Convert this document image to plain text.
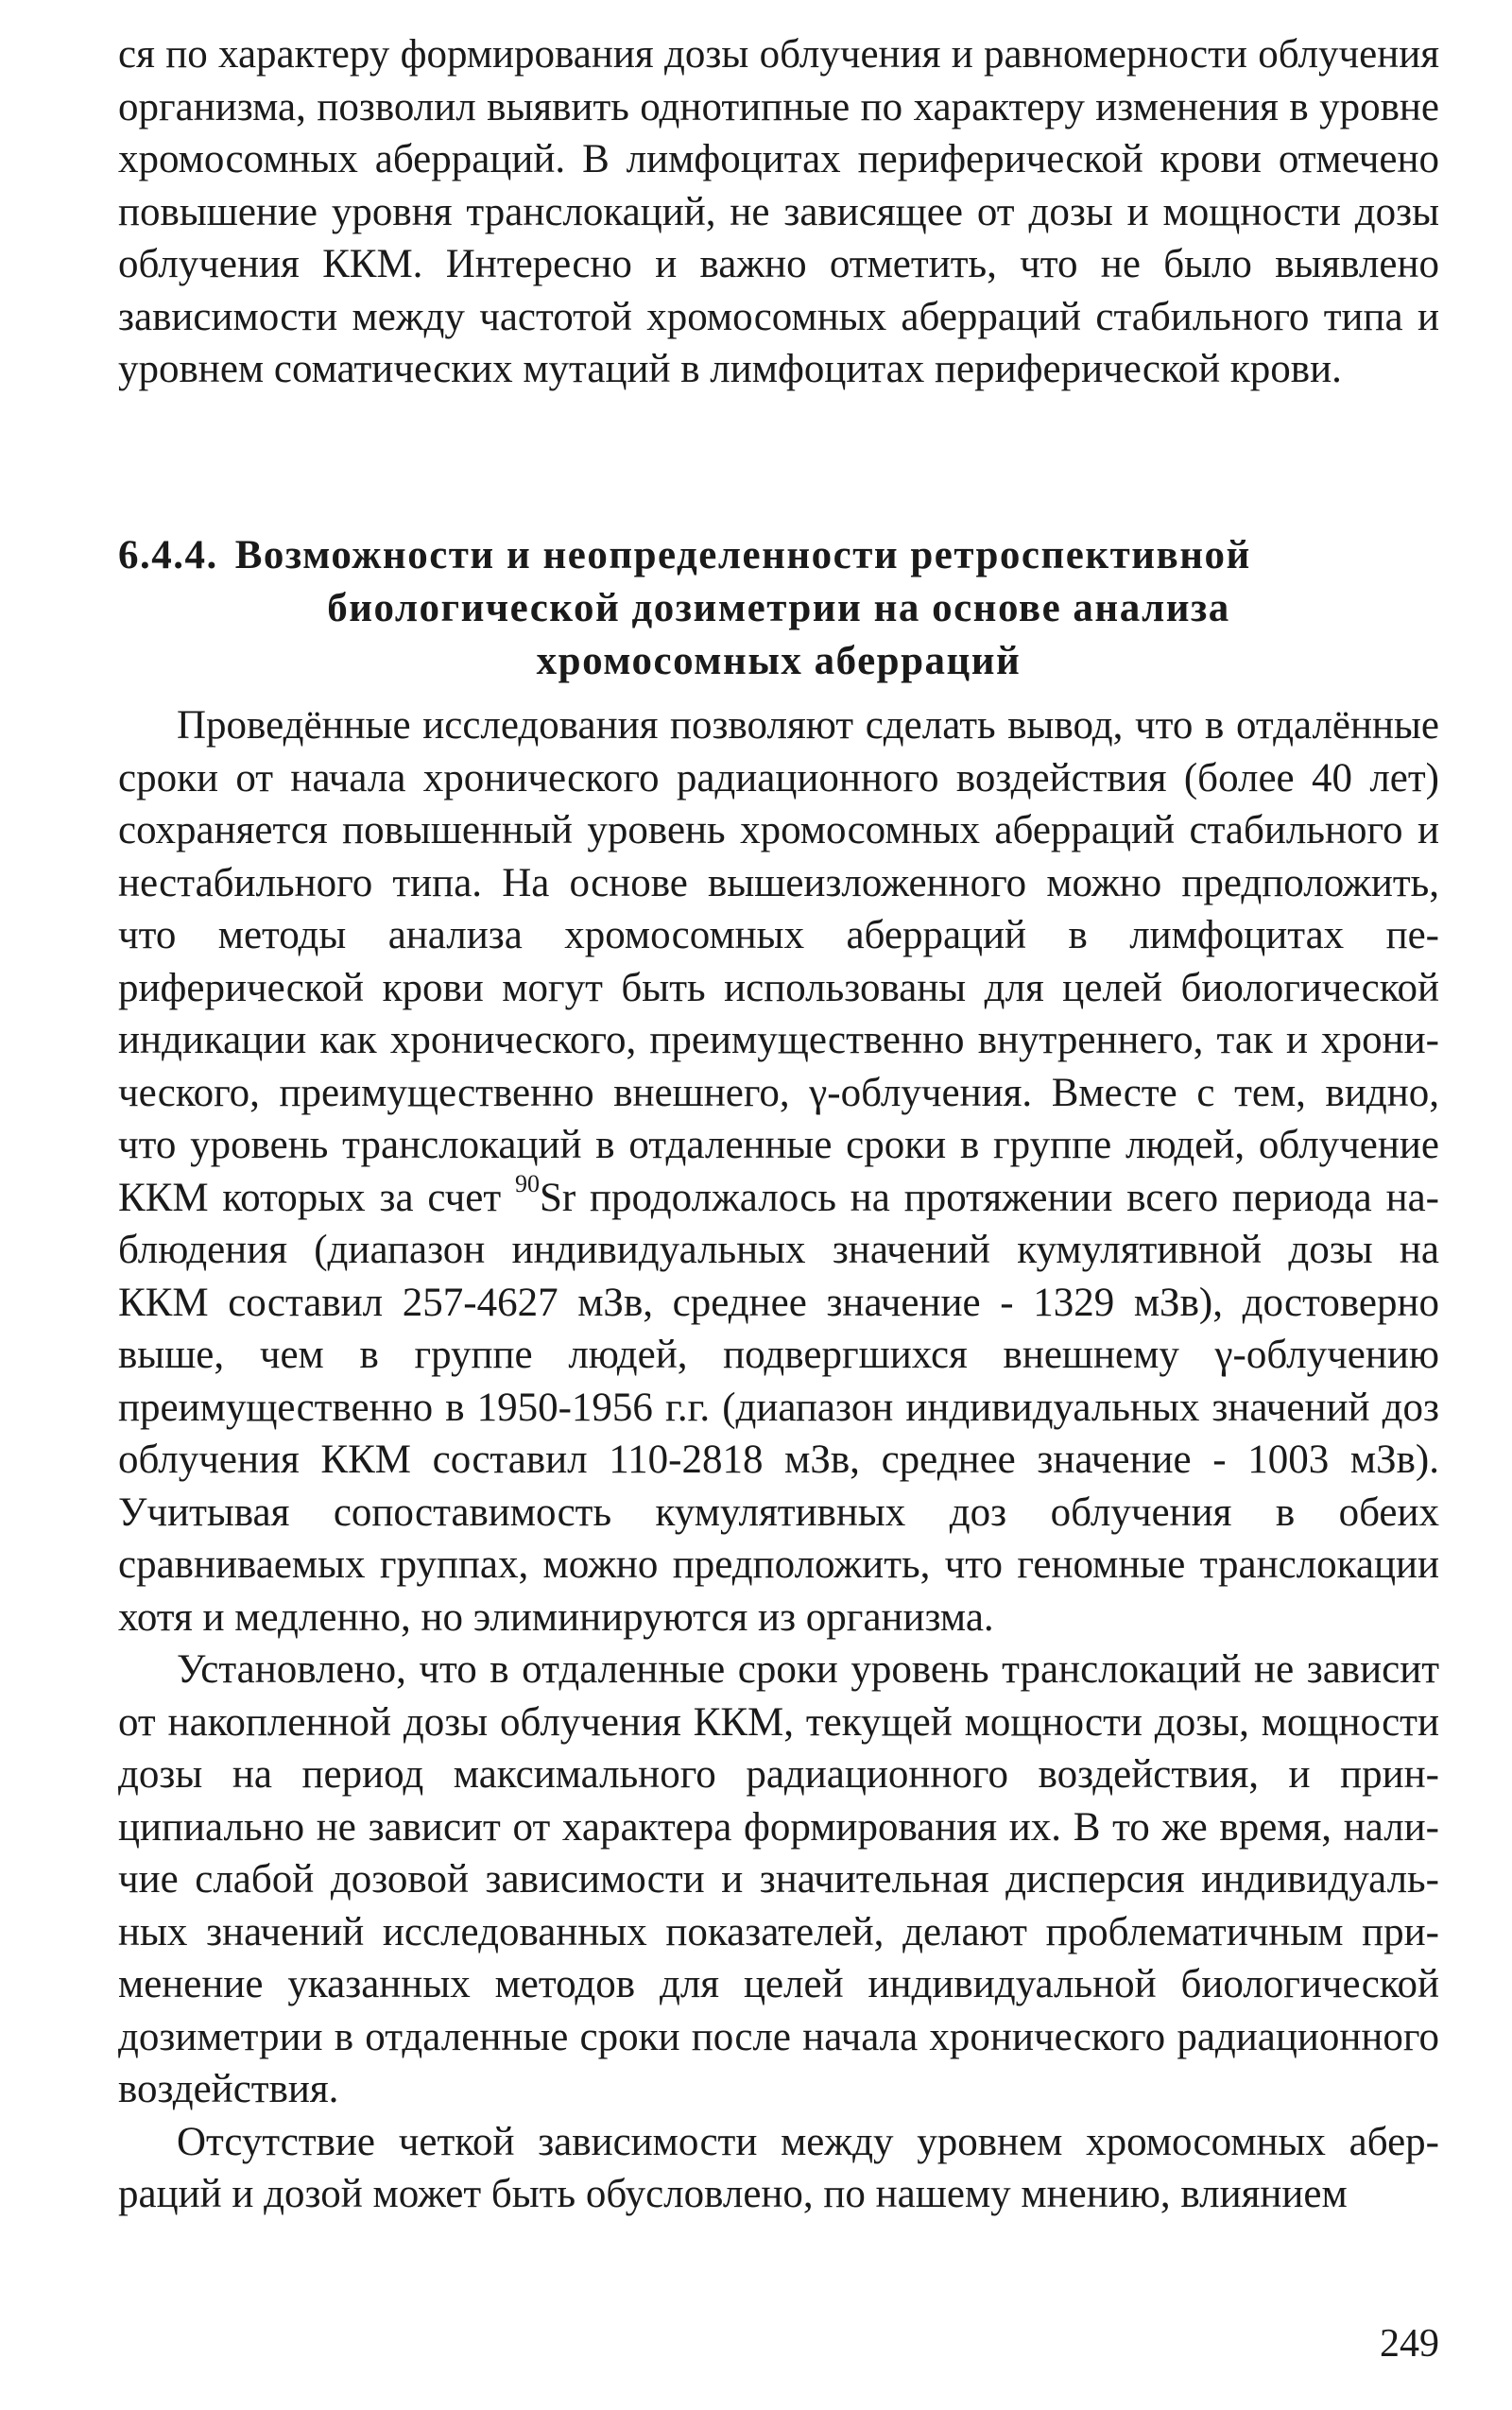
ся по характеру формирования дозы облучения и равномерности облучения организма, позволил выявить однотипные по характеру изменения в уровне хромосомных аберраций. В лимфоцитах периферической крови отмечено повышение уровня транслокаций, не зависящее от дозы и мощности дозы облучения ККМ. Интересно и важно отметить, что не было выявлено зависимости между частотой хромосомных аберраций стабильного типа и уровнем соматических мутаций в лимфоцитах периферической крови.

6.4.4. Возможности и неопределенности ретроспективной
биологической дозиметрии на основе анализа
хромосомных аберраций

Проведённые исследования позволяют сделать вывод, что в отдалённые сроки от начала хронического радиационного воздействия (более 40 лет) сохраняется повышенный уровень хромосомных аберраций стабильного и нестабильного типа. На основе вышеизложенного можно предположить, что методы анализа хромосомных аберраций в лимфоцитах периферической крови могут быть использованы для целей биологической индикации как хронического, преимущественно внутреннего, так и хронического, преимущественно внешнего, γ-облучения. Вместе с тем, видно, что уровень транслокаций в отдаленные сроки в группе людей, облучение ККМ которых за счет $^{90}$Sr продолжалось на протяжении всего периода наблюдения (диапазон индивидуальных значений кумулятивной дозы на ККМ составил 257-4627 мЗв, среднее значение - 1329 мЗв), достоверно выше, чем в группе людей, подвергшихся внешнему γ-облучению преимущественно в 1950-1956 г.г. (диапазон индивидуальных значений доз облучения ККМ составил 110-2818 мЗв, среднее значение - 1003 мЗв). Учитывая сопоставимость кумулятивных доз облучения в обеих сравниваемых группах, можно предположить, что геномные транслокации хотя и медленно, но элиминируются из организма.

Установлено, что в отдаленные сроки уровень транслокаций не зависит от накопленной дозы облучения ККМ, текущей мощности дозы, мощности дозы на период максимального радиационного воздействия, и принципиально не зависит от характера формирования их. В то же время, наличие слабой дозовой зависимости и значительная дисперсия индивидуальных значений исследованных показателей, делают проблематичным применение указанных методов для целей индивидуальной биологической дозиметрии в отдаленные сроки после начала хронического радиационного воздействия.

Отсутствие четкой зависимости между уровнем хромосомных аберраций и дозой может быть обусловлено, по нашему мнению, влиянием

249
